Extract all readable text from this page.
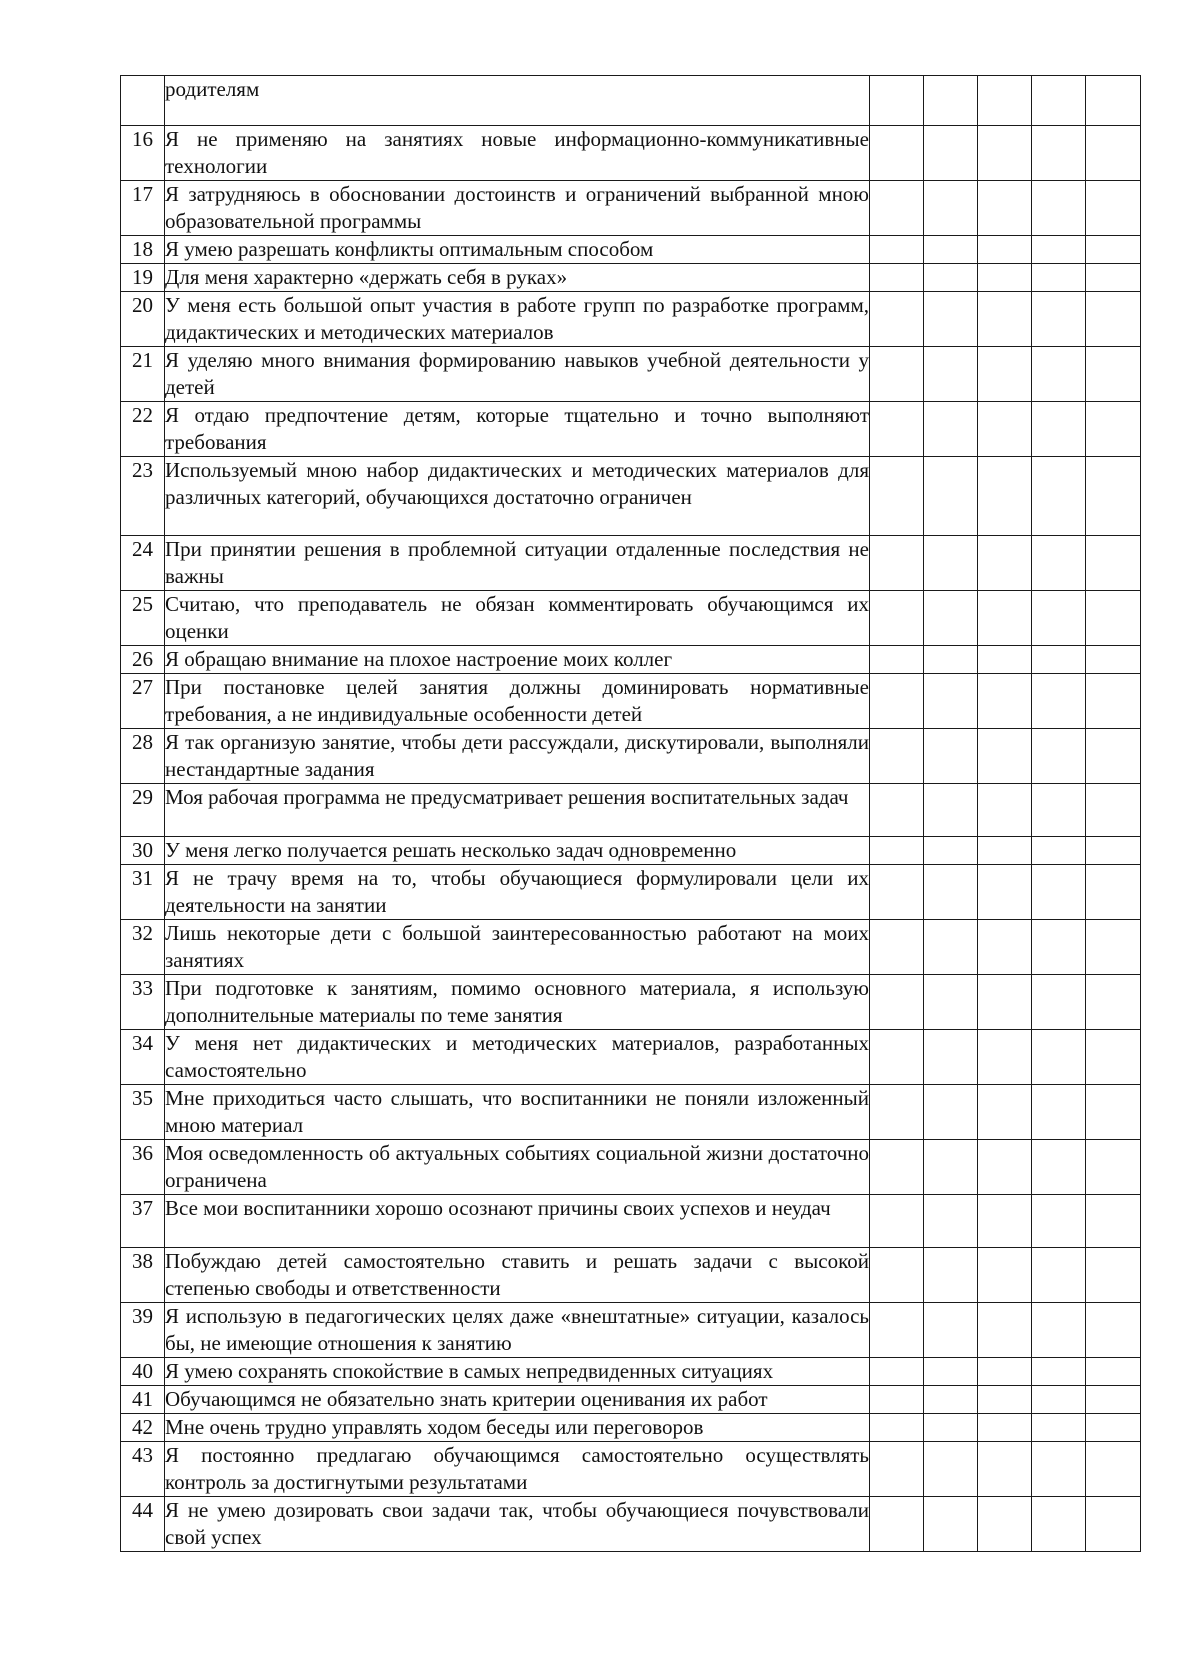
	родителям					

16	Я не применяю на занятиях новые информационно-коммуникативные технологии					

17	Я затрудняюсь в обосновании достоинств и ограничений выбранной мною образовательной программы					

18	Я умею разрешать конфликты оптимальным способом					

19	Для меня характерно «держать себя в руках»					

20	У меня есть большой опыт участия в работе групп по разработке программ, дидактических и методических материалов					

21	Я уделяю много внимания формированию навыков учебной деятельности у детей					

22	Я отдаю предпочтение детям, которые тщательно и точно выполняют требования					

23	Используемый мною набор дидактических и методических материалов для различных категорий, обучающихся достаточно ограничен					

24	При принятии решения в проблемной ситуации отдаленные последствия не важны					

25	Считаю, что преподаватель не обязан комментировать обучающимся их оценки					

26	Я обращаю внимание на плохое настроение моих коллег					

27	При постановке целей занятия должны доминировать нормативные требования, а не индивидуальные особенности детей					

28	Я так организую занятие, чтобы дети рассуждали, дискутировали, выполняли нестандартные задания					

29	Моя рабочая программа не предусматривает решения воспитательных задач					

30	У меня легко получается решать несколько задач одновременно					

31	Я не трачу время на то, чтобы обучающиеся формулировали цели их деятельности на занятии					

32	Лишь некоторые дети с большой заинтересованностью работают на моих занятиях					

33	При подготовке к занятиям, помимо основного материала, я использую дополнительные материалы по теме занятия					

34	У меня нет дидактических и методических материалов, разработанных самостоятельно					

35	Мне приходиться часто слышать, что воспитанники не поняли изложенный мною материал					

36	Моя осведомленность об актуальных событиях социальной жизни достаточно ограничена					

37	Все мои воспитанники хорошо осознают причины своих успехов и неудач					

38	Побуждаю детей самостоятельно ставить и решать задачи с высокой степенью свободы и ответственности					

39	Я использую в педагогических целях даже «внештатные» ситуации, казалось бы, не имеющие отношения к занятию					

40	Я умею сохранять спокойствие в самых непредвиденных ситуациях					

41	Обучающимся не обязательно знать критерии оценивания их работ					

42	Мне очень трудно управлять ходом беседы или переговоров					

43	Я постоянно предлагаю обучающимся самостоятельно осуществлять контроль за достигнутыми результатами					

44	Я не умею дозировать свои задачи так, чтобы обучающиеся почувствовали свой успех					
